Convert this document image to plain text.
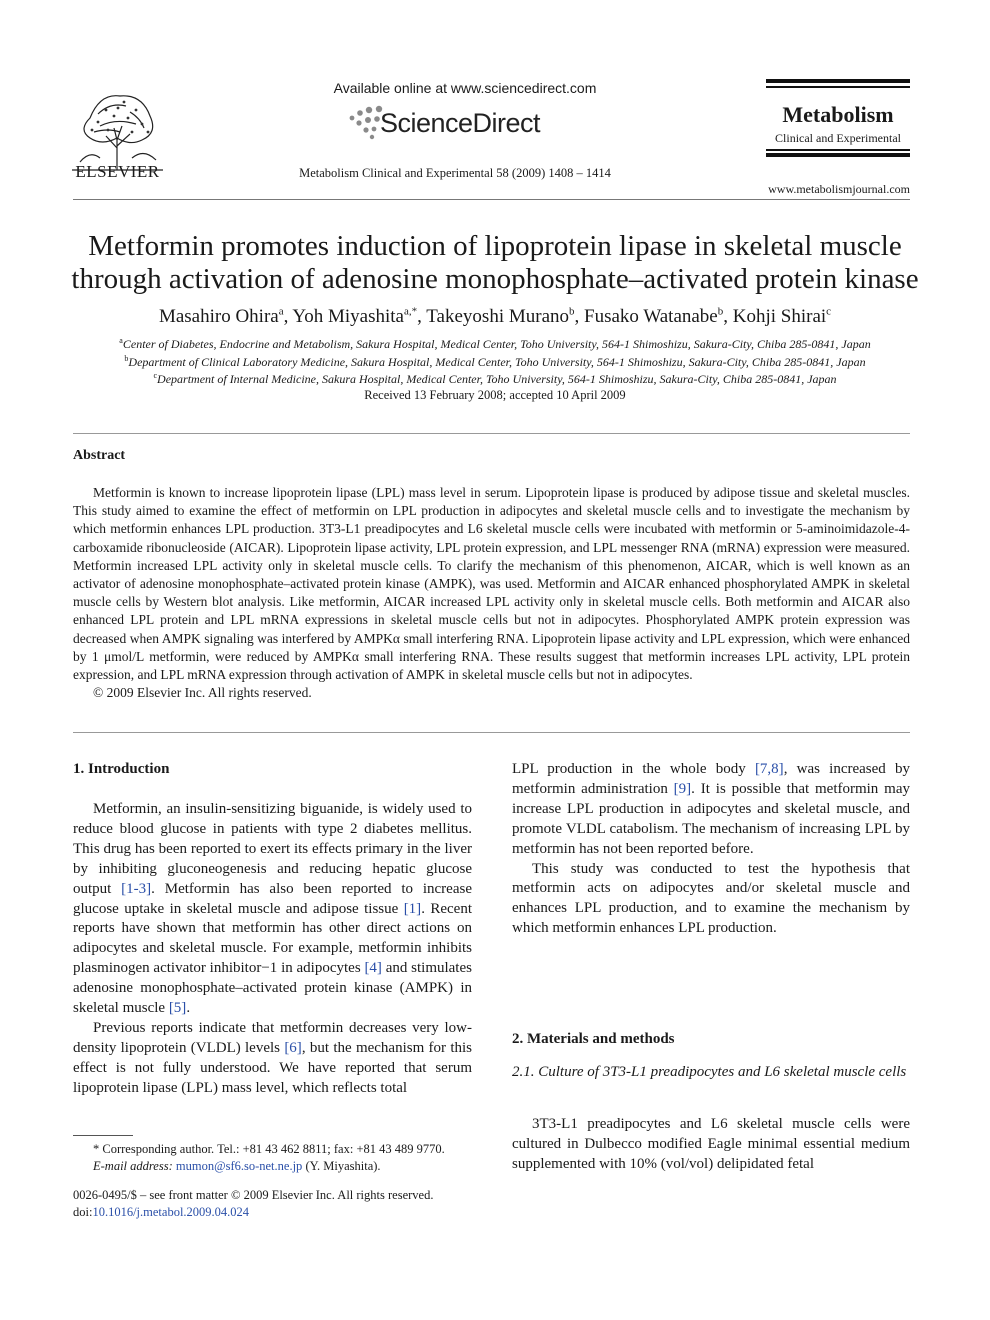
ELSEVIER
Available online at www.sciencedirect.com
ScienceDirect
Metabolism Clinical and Experimental 58 (2009) 1408 – 1414
Metabolism
Clinical and Experimental
www.metabolismjournal.com
Metformin promotes induction of lipoprotein lipase in skeletal muscle
through activation of adenosine monophosphate–activated protein kinase
Masahiro Ohira$^a$, Yoh Miyashita$^{a,*}$, Takeyoshi Murano$^b$, Fusako Watanabe$^b$, Kohji Shirai$^c$
$^a$Center of Diabetes, Endocrine and Metabolism, Sakura Hospital, Medical Center, Toho University, 564-1 Shimoshizu, Sakura-City, Chiba 285-0841, Japan
$^b$Department of Clinical Laboratory Medicine, Sakura Hospital, Medical Center, Toho University, 564-1 Shimoshizu, Sakura-City, Chiba 285-0841, Japan
$^c$Department of Internal Medicine, Sakura Hospital, Medical Center, Toho University, 564-1 Shimoshizu, Sakura-City, Chiba 285-0841, Japan
Received 13 February 2008; accepted 10 April 2009
Abstract

Metformin is known to increase lipoprotein lipase (LPL) mass level in serum. Lipoprotein lipase is produced by adipose tissue and skeletal muscles. This study aimed to examine the effect of metformin on LPL production in adipocytes and skeletal muscle cells and to investigate the mechanism by which metformin enhances LPL production. 3T3-L1 preadipocytes and L6 skeletal muscle cells were incubated with metformin or 5-aminoimidazole-4-carboxamide ribonucleoside (AICAR). Lipoprotein lipase activity, LPL protein expression, and LPL messenger RNA (mRNA) expression were measured. Metformin increased LPL activity only in skeletal muscle cells. To clarify the mechanism of this phenomenon, AICAR, which is well known as an activator of adenosine monophosphate–activated protein kinase (AMPK), was used. Metformin and AICAR enhanced phosphorylated AMPK in skeletal muscle cells by Western blot analysis. Like metformin, AICAR increased LPL activity only in skeletal muscle cells. Both metformin and AICAR also enhanced LPL protein and LPL mRNA expressions in skeletal muscle cells but not in adipocytes. Phosphorylated AMPK protein expression was decreased when AMPK signaling was interfered by AMPKα small interfering RNA. Lipoprotein lipase activity and LPL expression, which were enhanced by 1 μmol/L metformin, were reduced by AMPKα small interfering RNA. These results suggest that metformin increases LPL activity, LPL protein expression, and LPL mRNA expression through activation of AMPK in skeletal muscle cells but not in adipocytes.

© 2009 Elsevier Inc. All rights reserved.

1. Introduction

Metformin, an insulin-sensitizing biguanide, is widely used to reduce blood glucose in patients with type 2 diabetes mellitus. This drug has been reported to exert its effects primary in the liver by inhibiting gluconeogenesis and reducing hepatic glucose output [1-3]. Metformin has also been reported to increase glucose uptake in skeletal muscle and adipose tissue [1]. Recent reports have shown that metformin has other direct actions on adipocytes and skeletal muscle. For example, metformin inhibits plasminogen activator inhibitor−1 in adipocytes [4] and stimulates adenosine monophosphate–activated protein kinase (AMPK) in skeletal muscle [5].

Previous reports indicate that metformin decreases very low-density lipoprotein (VLDL) levels [6], but the mechanism for this effect is not fully understood. We have reported that serum lipoprotein lipase (LPL) mass level, which reflects total

LPL production in the whole body [7,8], was increased by metformin administration [9]. It is possible that metformin may increase LPL production in adipocytes and skeletal muscle, and promote VLDL catabolism. The mechanism of increasing LPL by metformin has not been reported before.

This study was conducted to test the hypothesis that metformin acts on adipocytes and/or skeletal muscle and enhances LPL production, and to examine the mechanism by which metformin enhances LPL production.

2. Materials and methods
2.1. Culture of 3T3-L1 preadipocytes and L6 skeletal muscle cells

3T3-L1 preadipocytes and L6 skeletal muscle cells were cultured in Dulbecco modified Eagle minimal essential medium supplemented with 10% (vol/vol) delipidated fetal

* Corresponding author. Tel.: +81 43 462 8811; fax: +81 43 489 9770.
E-mail address: mumon@sf6.so-net.ne.jp (Y. Miyashita).
0026-0495/$ – see front matter © 2009 Elsevier Inc. All rights reserved.
doi:10.1016/j.metabol.2009.04.024
